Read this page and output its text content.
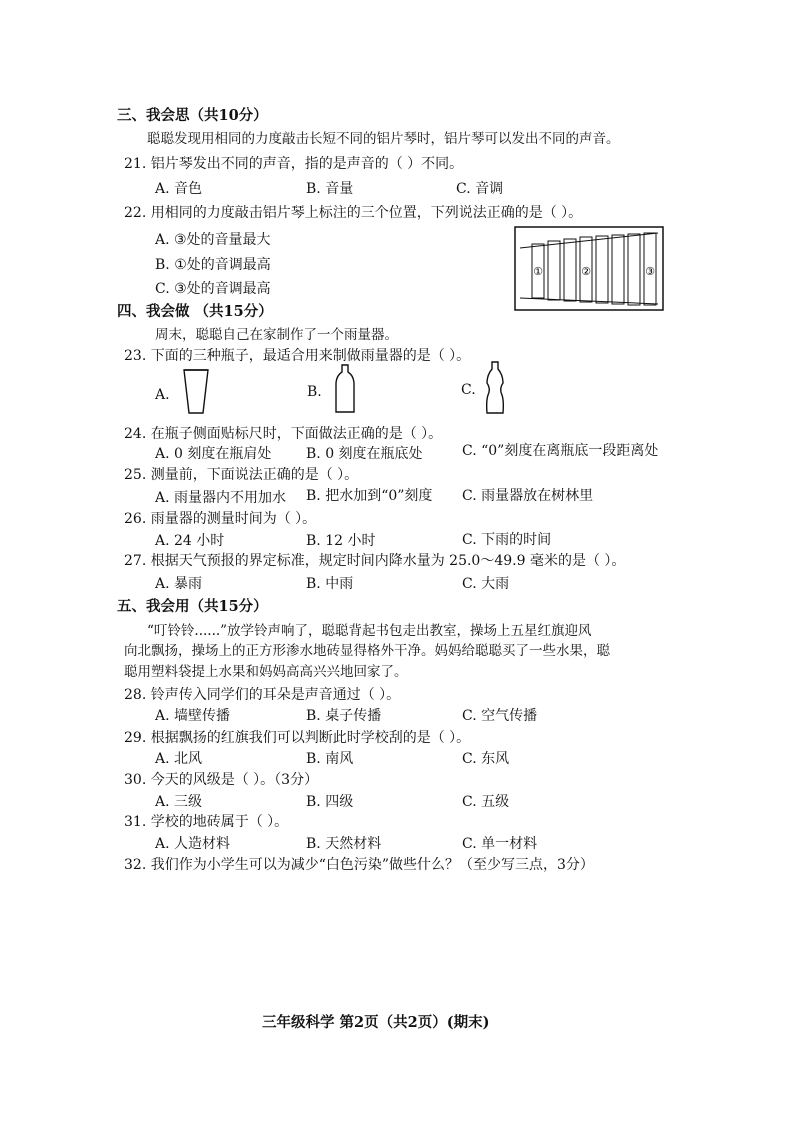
三、我会思（共10分）
聪聪发现用相同的力度敲击长短不同的铝片琴时，铝片琴可以发出不同的声音。
21. 铝片琴发出不同的声音，指的是声音的（ ）不同。
A. 音色	B. 音量	C. 音调
22. 用相同的力度敲击铝片琴上标注的三个位置，下列说法正确的是（ ）。
A. ③处的音量最大
B. ①处的音调最高
C. ③处的音调最高
①	②	③
四、我会做 （共15分）
周末，聪聪自己在家制作了一个雨量器。
23. 下面的三种瓶子，最适合用来制做雨量器的是（ ）。
A.	B.	C.
24. 在瓶子侧面贴标尺时，下面做法正确的是（ ）。
A. 0 刻度在瓶肩处 B. 0 刻度在瓶底处	C. “0”刻度在离瓶底一段距离处
25. 测量前，下面说法正确的是（ ）。
A. 雨量器内不用加水 B. 把水加到“0”刻度 C. 雨量器放在树林里
26. 雨量器的测量时间为（ ）。
A. 24 小时	B. 12 小时	C. 下雨的时间
27. 根据天气预报的界定标准，规定时间内降水量为 25.0～49.9 毫米的是（ ）。
A. 暴雨	B. 中雨	C. 大雨
五、我会用（共15分）
“叮铃铃......”放学铃声响了，聪聪背起书包走出教室，操场上五星红旗迎风
向北飘扬，操场上的正方形渗水地砖显得格外干净。妈妈给聪聪买了一些水果，聪
聪用塑料袋提上水果和妈妈高高兴兴地回家了。
28. 铃声传入同学们的耳朵是声音通过（ ）。
A. 墙壁传播	B. 桌子传播	C. 空气传播
29. 根据飘扬的红旗我们可以判断此时学校刮的是（ ）。
A. 北风	B. 南风	C. 东风
30. 今天的风级是（ ）。（3分）
A. 三级	B. 四级	C. 五级
31. 学校的地砖属于（ ）。
A. 人造材料	B. 天然材料	C. 单一材料
32. 我们作为小学生可以为减少“白色污染”做些什么？（至少写三点，3分）
三年级科学 第2页（共2页）(期末)
